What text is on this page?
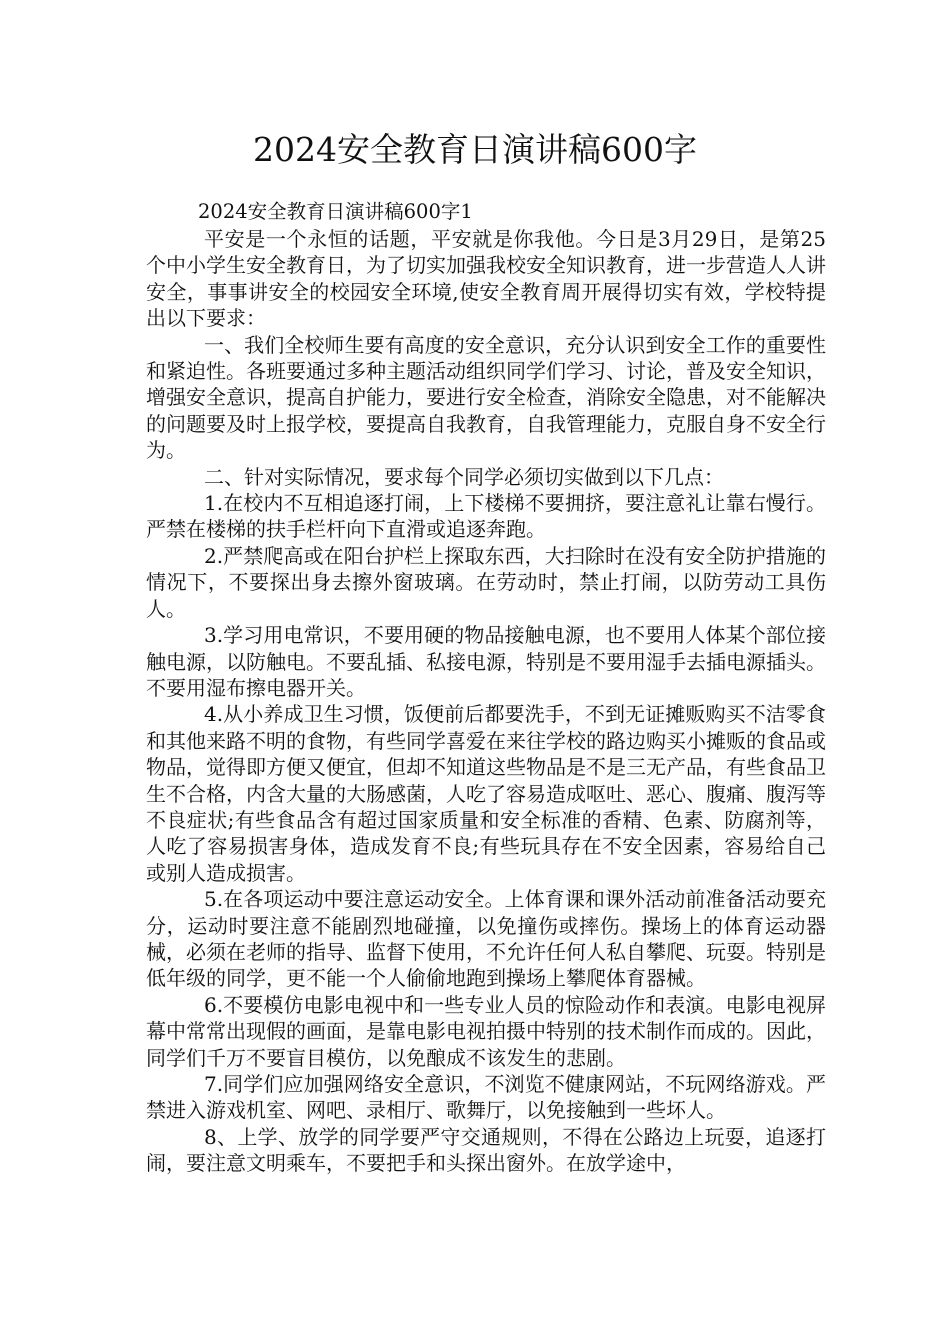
2024安全教育日演讲稿600字

2024安全教育日演讲稿600字1

平安是一个永恒的话题，平安就是你我他。今日是3月29日，是第25个中小学生安全教育日，为了切实加强我校安全知识教育，进一步营造人人讲安全，事事讲安全的校园安全环境,使安全教育周开展得切实有效，学校特提出以下要求：

一、我们全校师生要有高度的安全意识，充分认识到安全工作的重要性和紧迫性。各班要通过多种主题活动组织同学们学习、讨论，普及安全知识，增强安全意识，提高自护能力，要进行安全检查，消除安全隐患，对不能解决的问题要及时上报学校，要提高自我教育，自我管理能力，克服自身不安全行为。

二、针对实际情况，要求每个同学必须切实做到以下几点：

1.在校内不互相追逐打闹，上下楼梯不要拥挤，要注意礼让靠右慢行。严禁在楼梯的扶手栏杆向下直滑或追逐奔跑。

2.严禁爬高或在阳台护栏上探取东西，大扫除时在没有安全防护措施的情况下，不要探出身去擦外窗玻璃。在劳动时，禁止打闹，以防劳动工具伤人。

3.学习用电常识，不要用硬的物品接触电源，也不要用人体某个部位接触电源，以防触电。不要乱插、私接电源，特别是不要用湿手去插电源插头。不要用湿布擦电器开关。

4.从小养成卫生习惯，饭便前后都要洗手，不到无证摊贩购买不洁零食和其他来路不明的食物，有些同学喜爱在来往学校的路边购买小摊贩的食品或物品，觉得即方便又便宜，但却不知道这些物品是不是三无产品，有些食品卫生不合格，内含大量的大肠感菌，人吃了容易造成呕吐、恶心、腹痛、腹泻等不良症状;有些食品含有超过国家质量和安全标准的香精、色素、防腐剂等，人吃了容易损害身体，造成发育不良;有些玩具存在不安全因素，容易给自己或别人造成损害。

5.在各项运动中要注意运动安全。上体育课和课外活动前准备活动要充分，运动时要注意不能剧烈地碰撞，以免撞伤或摔伤。操场上的体育运动器械，必须在老师的指导、监督下使用，不允许任何人私自攀爬、玩耍。特别是低年级的同学，更不能一个人偷偷地跑到操场上攀爬体育器械。

6.不要模仿电影电视中和一些专业人员的惊险动作和表演。电影电视屏幕中常常出现假的画面，是靠电影电视拍摄中特别的技术制作而成的。因此，同学们千万不要盲目模仿，以免酿成不该发生的悲剧。

7.同学们应加强网络安全意识，不浏览不健康网站，不玩网络游戏。严禁进入游戏机室、网吧、录相厅、歌舞厅，以免接触到一些坏人。

8、上学、放学的同学要严守交通规则，不得在公路边上玩耍，追逐打闹，要注意文明乘车，不要把手和头探出窗外。在放学途中，
